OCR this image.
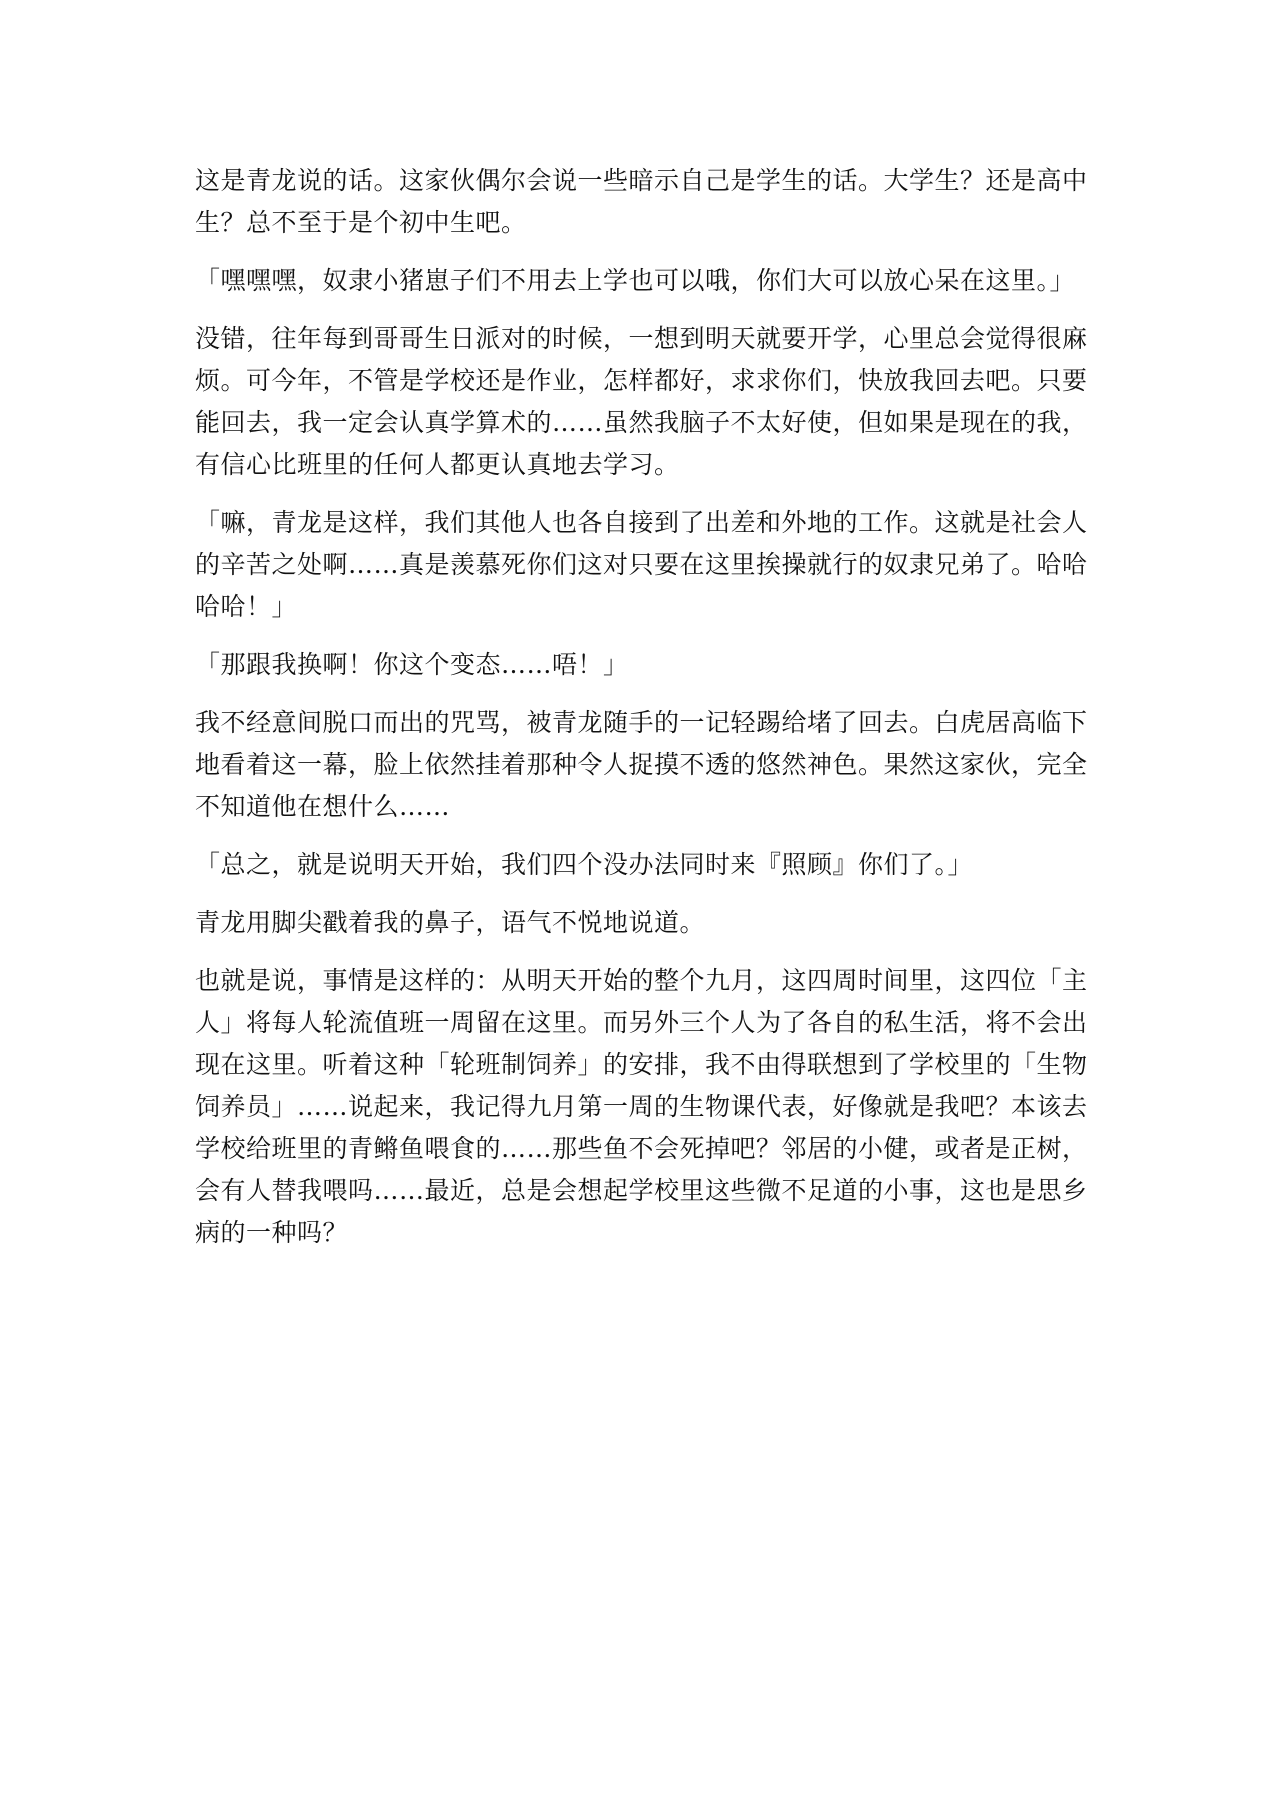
这是青龙说的话。这家伙偶尔会说一些暗示自己是学生的话。大学生？还是高中生？总不至于是个初中生吧。

「嘿嘿嘿，奴隶小猪崽子们不用去上学也可以哦，你们大可以放心呆在这里。」

没错，往年每到哥哥生日派对的时候，一想到明天就要开学，心里总会觉得很麻烦。可今年，不管是学校还是作业，怎样都好，求求你们，快放我回去吧。只要能回去，我一定会认真学算术的……虽然我脑子不太好使，但如果是现在的我，有信心比班里的任何人都更认真地去学习。

「嘛，青龙是这样，我们其他人也各自接到了出差和外地的工作。这就是社会人的辛苦之处啊……真是羡慕死你们这对只要在这里挨操就行的奴隶兄弟了。哈哈哈哈！」

「那跟我换啊！你这个变态……唔！」

我不经意间脱口而出的咒骂，被青龙随手的一记轻踢给堵了回去。白虎居高临下地看着这一幕，脸上依然挂着那种令人捉摸不透的悠然神色。果然这家伙，完全不知道他在想什么……

「总之，就是说明天开始，我们四个没办法同时来『照顾』你们了。」

青龙用脚尖戳着我的鼻子，语气不悦地说道。

也就是说，事情是这样的：从明天开始的整个九月，这四周时间里，这四位「主人」将每人轮流值班一周留在这里。而另外三个人为了各自的私生活，将不会出现在这里。听着这种「轮班制饲养」的安排，我不由得联想到了学校里的「生物饲养员」……说起来，我记得九月第一周的生物课代表，好像就是我吧？本该去学校给班里的青鳉鱼喂食的……那些鱼不会死掉吧？邻居的小健，或者是正树，会有人替我喂吗……最近，总是会想起学校里这些微不足道的小事，这也是思乡病的一种吗？
